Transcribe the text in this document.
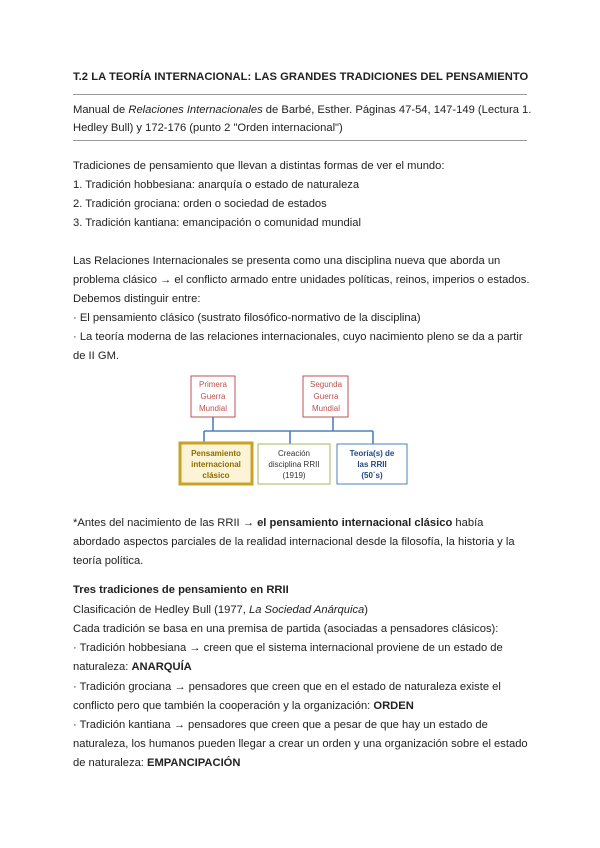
T.2 LA TEORÍA INTERNACIONAL: LAS GRANDES TRADICIONES DEL PENSAMIENTO
Manual de Relaciones Internacionales de Barbé, Esther. Páginas 47-54, 147-149 (Lectura 1.
Hedley Bull) y 172-176 (punto 2 "Orden internacional")
Tradiciones de pensamiento que llevan a distintas formas de ver el mundo:
1. Tradición hobbesiana: anarquía o estado de naturaleza
2. Tradición grociana: orden o sociedad de estados
3. Tradición kantiana: emancipación o comunidad mundial
Las Relaciones Internacionales se presenta como una disciplina nueva que aborda un
problema clásico → el conflicto armado entre unidades políticas, reinos, imperios o estados.
Debemos distinguir entre:
· El pensamiento clásico (sustrato filosófico-normativo de la disciplina)
· La teoría moderna de las relaciones internacionales, cuyo nacimiento pleno se da a partir
de II GM.
Primera
Guerra
Mundial
Segunda
Guerra
Mundial
Pensamiento
internacional
clásico
Creación
disciplina RRII
(1919)
Teoría(s) de
las RRII
(50´s)
*Antes del nacimiento de las RRII → el pensamiento internacional clásico había
abordado aspectos parciales de la realidad internacional desde la filosofía, la historia y la
teoría política.
Tres tradiciones de pensamiento en RRII
Clasificación de Hedley Bull (1977, La Sociedad Anárquica)
Cada tradición se basa en una premisa de partida (asociadas a pensadores clásicos):
· Tradición hobbesiana → creen que el sistema internacional proviene de un estado de
naturaleza: ANARQUÍA
· Tradición grociana → pensadores que creen que en el estado de naturaleza existe el
conflicto pero que también la cooperación y la organización: ORDEN
· Tradición kantiana → pensadores que creen que a pesar de que hay un estado de
naturaleza, los humanos pueden llegar a crear un orden y una organización sobre el estado
de naturaleza: EMPANCIPACIÓN
